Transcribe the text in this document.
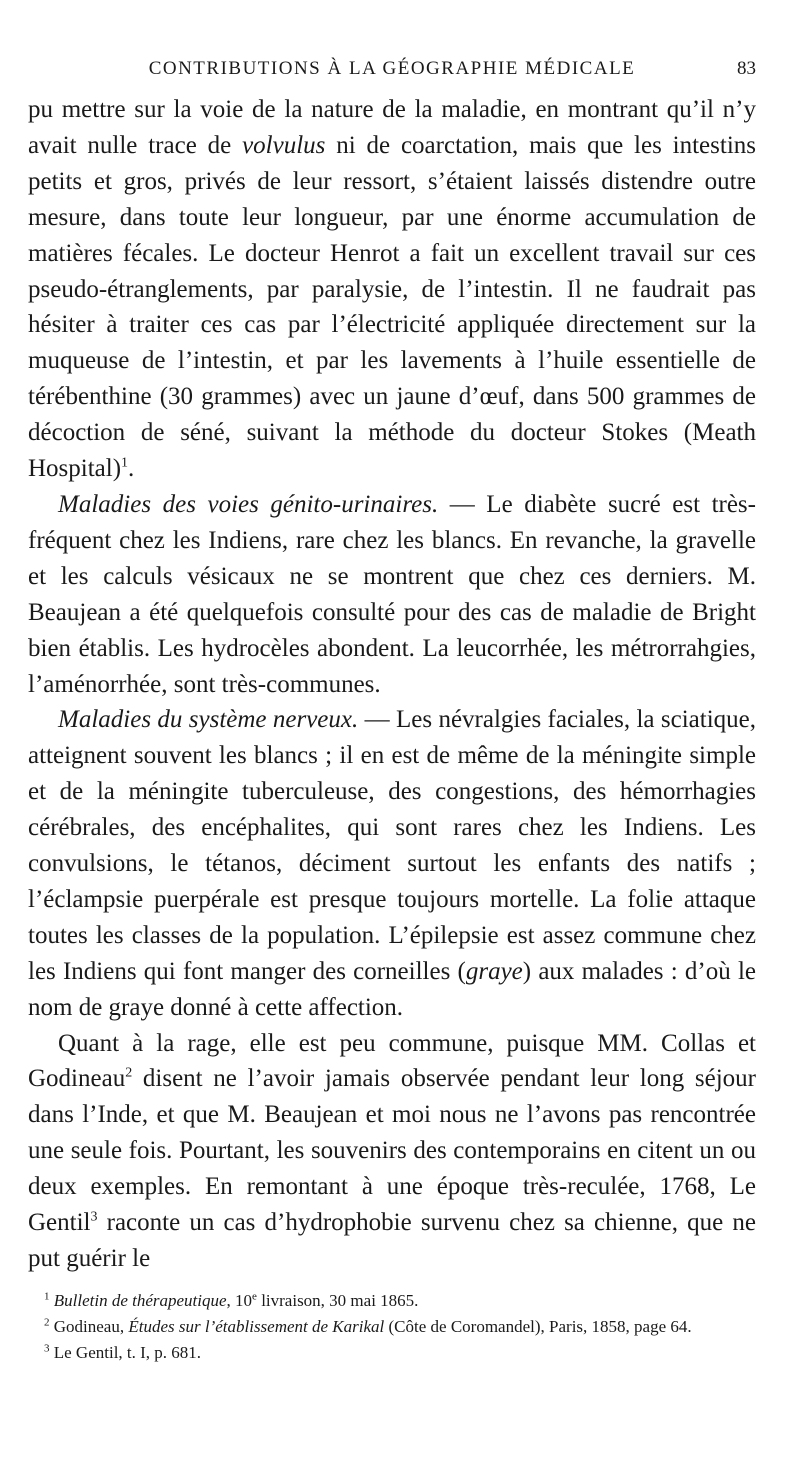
CONTRIBUTIONS À LA GÉOGRAPHIE MÉDICALE	83

pu mettre sur la voie de la nature de la maladie, en montrant qu’il n’y avait nulle trace de volvulus ni de coarctation, mais que les intestins petits et gros, privés de leur ressort, s’étaient laissés distendre outre mesure, dans toute leur longueur, par une énorme accumulation de matières fécales. Le docteur Henrot a fait un excellent travail sur ces pseudo-étranglements, par paralysie, de l’intestin. Il ne faudrait pas hésiter à traiter ces cas par l’électricité appliquée directement sur la muqueuse de l’intestin, et par les lavements à l’huile essentielle de térébenthine (30 grammes) avec un jaune d’œuf, dans 500 grammes de décoction de séné, suivant la méthode du docteur Stokes (Meath Hospital)$^1$.

Maladies des voies génito-urinaires. — Le diabète sucré est très-fréquent chez les Indiens, rare chez les blancs. En revanche, la gravelle et les calculs vésicaux ne se montrent que chez ces derniers. M. Beaujean a été quelquefois consulté pour des cas de maladie de Bright bien établis. Les hydrocèles abondent. La leucorrhée, les métrorrahgies, l’aménorrhée, sont très-communes.

Maladies du système nerveux. — Les névralgies faciales, la sciatique, atteignent souvent les blancs ; il en est de même de la méningite simple et de la méningite tuberculeuse, des congestions, des hémorrhagies cérébrales, des encéphalites, qui sont rares chez les Indiens. Les convulsions, le tétanos, déciment surtout les enfants des natifs ; l’éclampsie puerpérale est presque toujours mortelle. La folie attaque toutes les classes de la population. L’épilepsie est assez commune chez les Indiens qui font manger des corneilles (graye) aux malades : d’où le nom de graye donné à cette affection.

Quant à la rage, elle est peu commune, puisque MM. Collas et Godineau$^2$ disent ne l’avoir jamais observée pendant leur long séjour dans l’Inde, et que M. Beaujean et moi nous ne l’avons pas rencontrée une seule fois. Pourtant, les souvenirs des contemporains en citent un ou deux exemples. En remontant à une époque très-reculée, 1768, Le Gentil$^3$ raconte un cas d’hydrophobie survenu chez sa chienne, que ne put guérir le

$^1$ Bulletin de thérapeutique, 10e livraison, 30 mai 1865.

$^2$ Godineau, Études sur l’établissement de Karikal (Côte de Coromandel), Paris, 1858, page 64.

$^3$ Le Gentil, t. I, p. 681.
